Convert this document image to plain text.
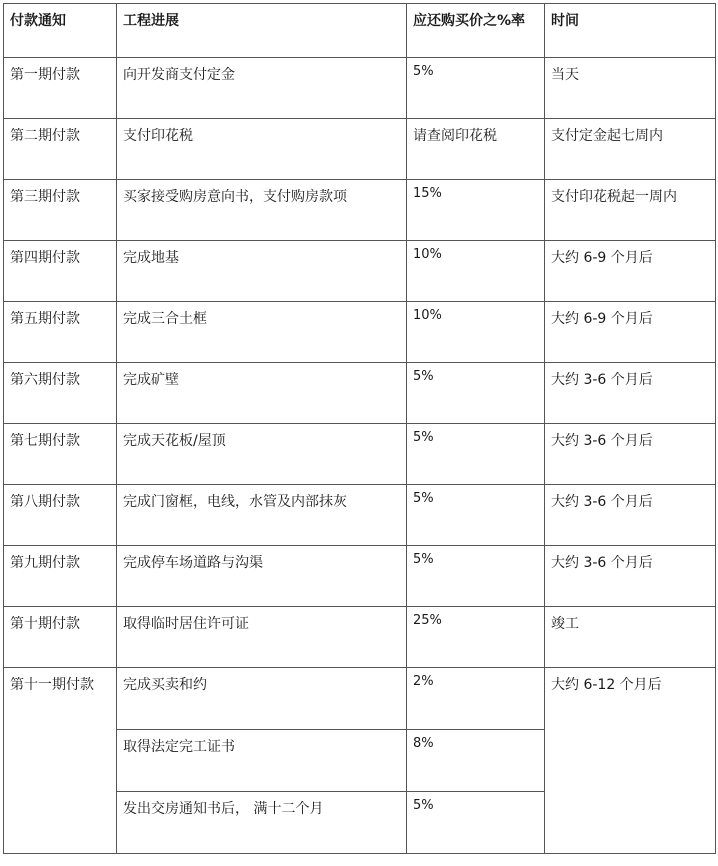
付款通知	工程进展	应还购买价之%率	时间
第一期付款	向开发商支付定金	5%	当天
第二期付款	支付印花税	请查阅印花税	支付定金起七周内
第三期付款	买家接受购房意向书，支付购房款项	15%	支付印花税起一周内
第四期付款	完成地基	10%	大约 6-9 个月后
第五期付款	完成三合土框	10%	大约 6-9 个月后
第六期付款	完成矿壁	5%	大约 3-6 个月后
第七期付款	完成天花板/屋顶	5%	大约 3-6 个月后
第八期付款	完成门窗框，电线，水管及内部抹灰	5%	大约 3-6 个月后
第九期付款	完成停车场道路与沟渠	5%	大约 3-6 个月后
第十期付款	取得临时居住许可证	25%	竣工
第十一期付款	完成买卖和约	2%	大约 6-12 个月后
	取得法定完工证书	8%	
	发出交房通知书后， 满十二个月	5%	
